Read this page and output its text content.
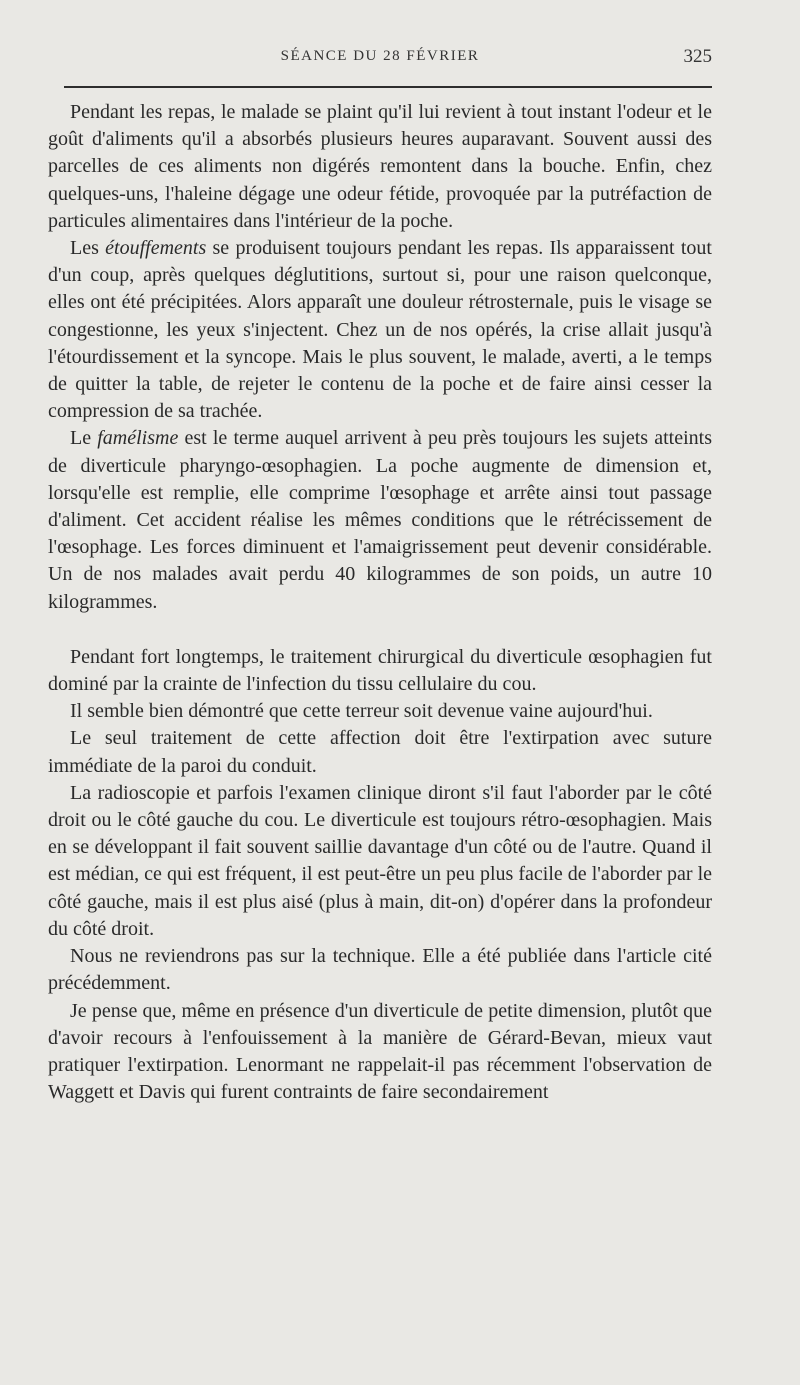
SÉANCE DU 28 FÉVRIER	325

Pendant les repas, le malade se plaint qu'il lui revient à tout instant l'odeur et le goût d'aliments qu'il a absorbés plusieurs heures auparavant. Souvent aussi des parcelles de ces aliments non digérés remontent dans la bouche. Enfin, chez quelques-uns, l'haleine dégage une odeur fétide, provoquée par la putréfaction de particules alimentaires dans l'intérieur de la poche.

Les étouffements se produisent toujours pendant les repas. Ils apparaissent tout d'un coup, après quelques déglutitions, surtout si, pour une raison quelconque, elles ont été précipitées. Alors apparaît une douleur rétrosternale, puis le visage se congestionne, les yeux s'injectent. Chez un de nos opérés, la crise allait jusqu'à l'étourdissement et la syncope. Mais le plus souvent, le malade, averti, a le temps de quitter la table, de rejeter le contenu de la poche et de faire ainsi cesser la compression de sa trachée.

Le famélisme est le terme auquel arrivent à peu près toujours les sujets atteints de diverticule pharyngo-œsophagien. La poche augmente de dimension et, lorsqu'elle est remplie, elle comprime l'œsophage et arrête ainsi tout passage d'aliment. Cet accident réalise les mêmes conditions que le rétrécissement de l'œsophage. Les forces diminuent et l'amaigrissement peut devenir considérable. Un de nos malades avait perdu 40 kilogrammes de son poids, un autre 10 kilogrammes.

Pendant fort longtemps, le traitement chirurgical du diverticule œsophagien fut dominé par la crainte de l'infection du tissu cellulaire du cou.

Il semble bien démontré que cette terreur soit devenue vaine aujourd'hui.

Le seul traitement de cette affection doit être l'extirpation avec suture immédiate de la paroi du conduit.

La radioscopie et parfois l'examen clinique diront s'il faut l'aborder par le côté droit ou le côté gauche du cou. Le diverticule est toujours rétro-œsophagien. Mais en se développant il fait souvent saillie davantage d'un côté ou de l'autre. Quand il est médian, ce qui est fréquent, il est peut-être un peu plus facile de l'aborder par le côté gauche, mais il est plus aisé (plus à main, dit-on) d'opérer dans la profondeur du côté droit.

Nous ne reviendrons pas sur la technique. Elle a été publiée dans l'article cité précédemment.

Je pense que, même en présence d'un diverticule de petite dimension, plutôt que d'avoir recours à l'enfouissement à la manière de Gérard-Bevan, mieux vaut pratiquer l'extirpation. Lenormant ne rappelait-il pas récemment l'observation de Waggett et Davis qui furent contraints de faire secondairement
